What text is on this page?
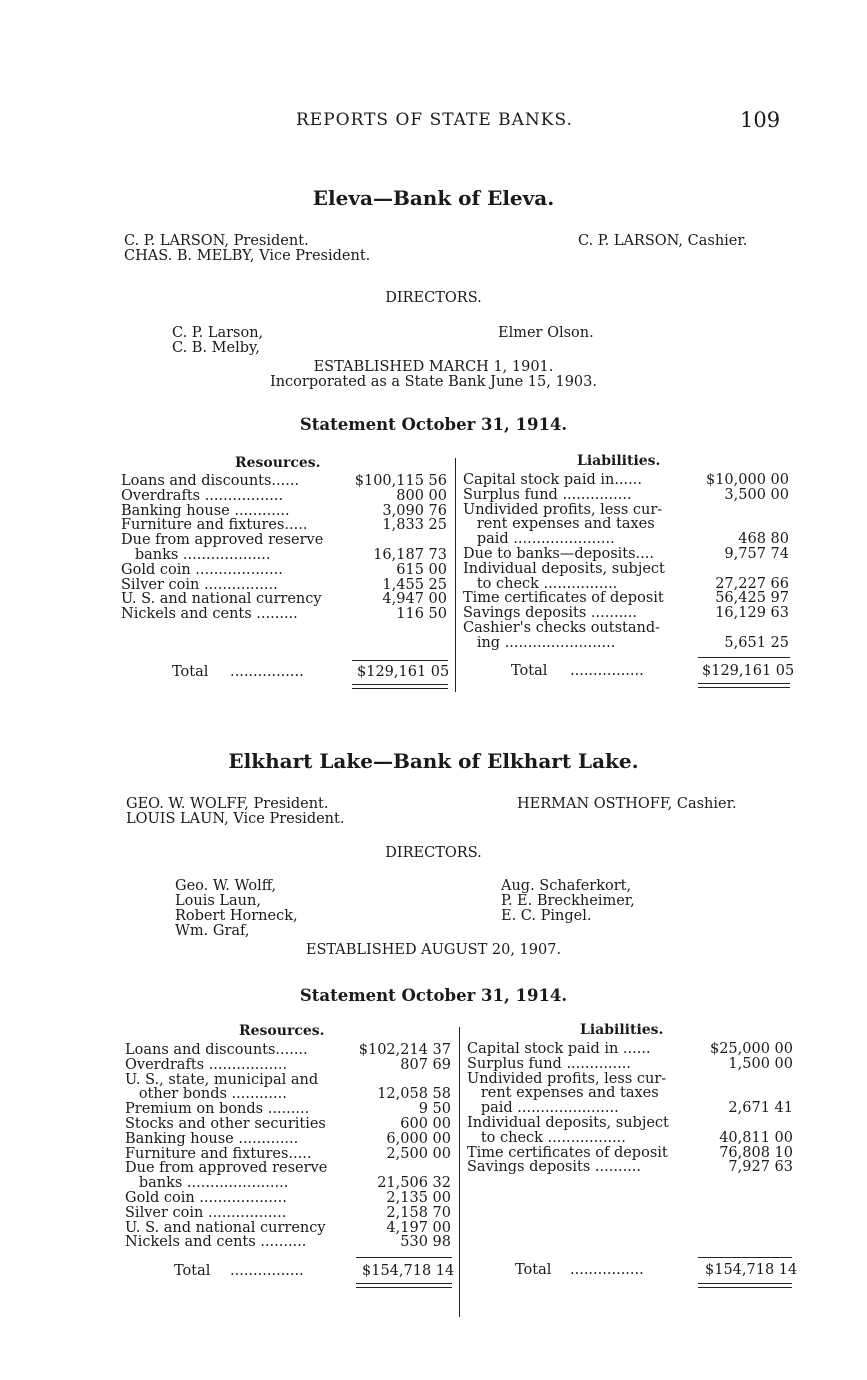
REPORTS OF STATE BANKS.	109
Eleva—Bank of Eleva.
C. P. LARSON, President.
CHAS. B. MELBY, Vice President.
C. P. LARSON, Cashier.
DIRECTORS.
C. P. Larson,
C. B. Melby,
Elmer Olson.
ESTABLISHED MARCH 1, 1901.
Incorporated as a State Bank June 15, 1903.
Statement October 31, 1914.
Resources.	Liabilities.
Loans and discounts......	$100,115 56
Overdrafts .................	800 00
Banking house ............	3,090 76
Furniture and fixtures.....	1,833 25
Due from approved reserve
banks ...................	16,187 73
Gold coin ...................	615 00
Silver coin ................	1,455 25
U. S. and national currency	4,947 00
Nickels and cents .........	116 50
Capital stock paid in......	$10,000 00
Surplus fund ...............	3,500 00
Undivided profits, less cur-
rent expenses and taxes
paid ......................	468 80
Due to banks—deposits....	9,757 74
Individual deposits, subject
to check ................	27,227 66
Time certificates of deposit	56,425 97
Savings deposits ..........	16,129 63
Cashier's checks outstand-
ing ........................	5,651 25
Total ................	$129,161 05	Total ................	$129,161 05
Elkhart Lake—Bank of Elkhart Lake.
GEO. W. WOLFF, President.
LOUIS LAUN, Vice President.
HERMAN OSTHOFF, Cashier.
DIRECTORS.
Geo. W. Wolff,
Louis Laun,
Robert Horneck,
Wm. Graf,
Aug. Schaferkort,
P. E. Breckheimer,
E. C. Pingel.
ESTABLISHED AUGUST 20, 1907.
Statement October 31, 1914.
Resources.	Liabilities.
Loans and discounts.......	$102,214 37
Overdrafts .................	807 69
U. S., state, municipal and
other bonds ............	12,058 58
Premium on bonds .........	9 50
Stocks and other securities	600 00
Banking house .............	6,000 00
Furniture and fixtures.....	2,500 00
Due from approved reserve
banks ......................	21,506 32
Gold coin ...................	2,135 00
Silver coin .................	2,158 70
U. S. and national currency	4,197 00
Nickels and cents ..........	530 98
Capital stock paid in ......	$25,000 00
Surplus fund ..............	1,500 00
Undivided profits, less cur-
rent expenses and taxes
paid ......................	2,671 41
Individual deposits, subject
to check .................	40,811 00
Time certificates of deposit	76,808 10
Savings deposits ..........	7,927 63
Total ................	$154,718 14	Total ................	$154,718 14
